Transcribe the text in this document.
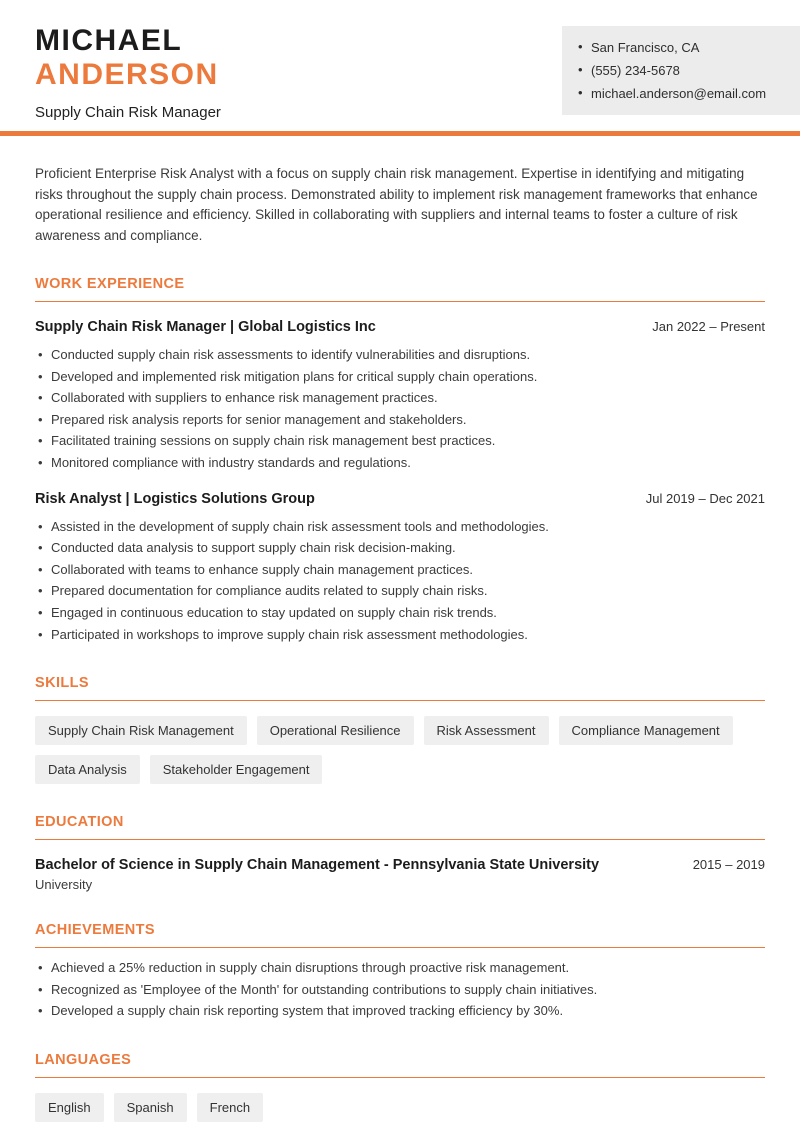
MICHAEL
ANDERSON
Supply Chain Risk Manager
• San Francisco, CA
• (555) 234-5678
• michael.anderson@email.com

Proficient Enterprise Risk Analyst with a focus on supply chain risk management. Expertise in identifying and mitigating risks throughout the supply chain process. Demonstrated ability to implement risk management frameworks that enhance operational resilience and efficiency. Skilled in collaborating with suppliers and internal teams to foster a culture of risk awareness and compliance.

WORK EXPERIENCE
Supply Chain Risk Manager | Global Logistics Inc	Jan 2022 – Present
• Conducted supply chain risk assessments to identify vulnerabilities and disruptions.
• Developed and implemented risk mitigation plans for critical supply chain operations.
• Collaborated with suppliers to enhance risk management practices.
• Prepared risk analysis reports for senior management and stakeholders.
• Facilitated training sessions on supply chain risk management best practices.
• Monitored compliance with industry standards and regulations.
Risk Analyst | Logistics Solutions Group	Jul 2019 – Dec 2021
• Assisted in the development of supply chain risk assessment tools and methodologies.
• Conducted data analysis to support supply chain risk decision-making.
• Collaborated with teams to enhance supply chain management practices.
• Prepared documentation for compliance audits related to supply chain risks.
• Engaged in continuous education to stay updated on supply chain risk trends.
• Participated in workshops to improve supply chain risk assessment methodologies.
SKILLS
Supply Chain Risk Management	Operational Resilience	Risk Assessment	Compliance Management
Data Analysis	Stakeholder Engagement
EDUCATION
Bachelor of Science in Supply Chain Management - Pennsylvania State University	2015 – 2019
University
ACHIEVEMENTS
• Achieved a 25% reduction in supply chain disruptions through proactive risk management.
• Recognized as 'Employee of the Month' for outstanding contributions to supply chain initiatives.
• Developed a supply chain risk reporting system that improved tracking efficiency by 30%.
LANGUAGES
English	Spanish	French
